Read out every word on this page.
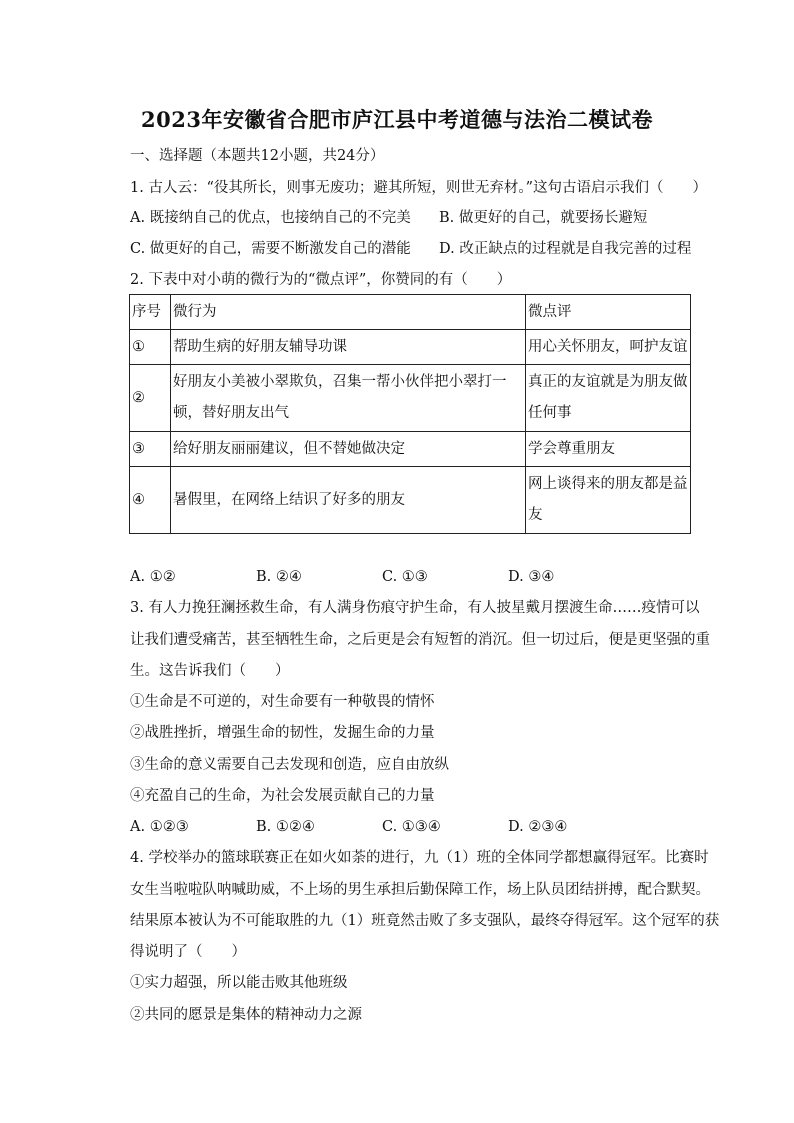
2023年安徽省合肥市庐江县中考道德与法治二模试卷
一、选择题（本题共12小题，共24分）
1. 古人云：“役其所长，则事无废功；避其所短，则世无弃材。”这句古语启示我们（　　）
A. 既接纳自己的优点，也接纳自己的不完美 B. 做更好的自己，就要扬长避短
C. 做更好的自己，需要不断激发自己的潜能 D. 改正缺点的过程就是自我完善的过程
2. 下表中对小萌的微行为的“微点评”，你赞同的有（　　）
序号	微行为	微点评
①	帮助生病的好朋友辅导功课	用心关怀朋友，呵护友谊
②	好朋友小美被小翠欺负，召集一帮小伙伴把小翠打一顿，替好朋友出气	真正的友谊就是为朋友做任何事
③	给好朋友丽丽建议，但不替她做决定	学会尊重朋友
④	暑假里，在网络上结识了好多的朋友	网上谈得来的朋友都是益友
A. ①②	B. ②④	C. ①③	D. ③④
3. 有人力挽狂澜拯救生命，有人满身伤痕守护生命，有人披星戴月摆渡生命……疫情可以
让我们遭受痛苦，甚至牺牲生命，之后更是会有短暂的消沉。但一切过后，便是更坚强的重
生。这告诉我们（　　）
①生命是不可逆的，对生命要有一种敬畏的情怀
②战胜挫折，增强生命的韧性，发掘生命的力量
③生命的意义需要自己去发现和创造，应自由放纵
④充盈自己的生命，为社会发展贡献自己的力量
A. ①②③	B. ①②④	C. ①③④	D. ②③④
4. 学校举办的篮球联赛正在如火如荼的进行，九（1）班的全体同学都想赢得冠军。比赛时
女生当啦啦队呐喊助威，不上场的男生承担后勤保障工作，场上队员团结拼搏，配合默契。
结果原本被认为不可能取胜的九（1）班竟然击败了多支强队，最终夺得冠军。这个冠军的获
得说明了（　　）
①实力超强，所以能击败其他班级
②共同的愿景是集体的精神动力之源
